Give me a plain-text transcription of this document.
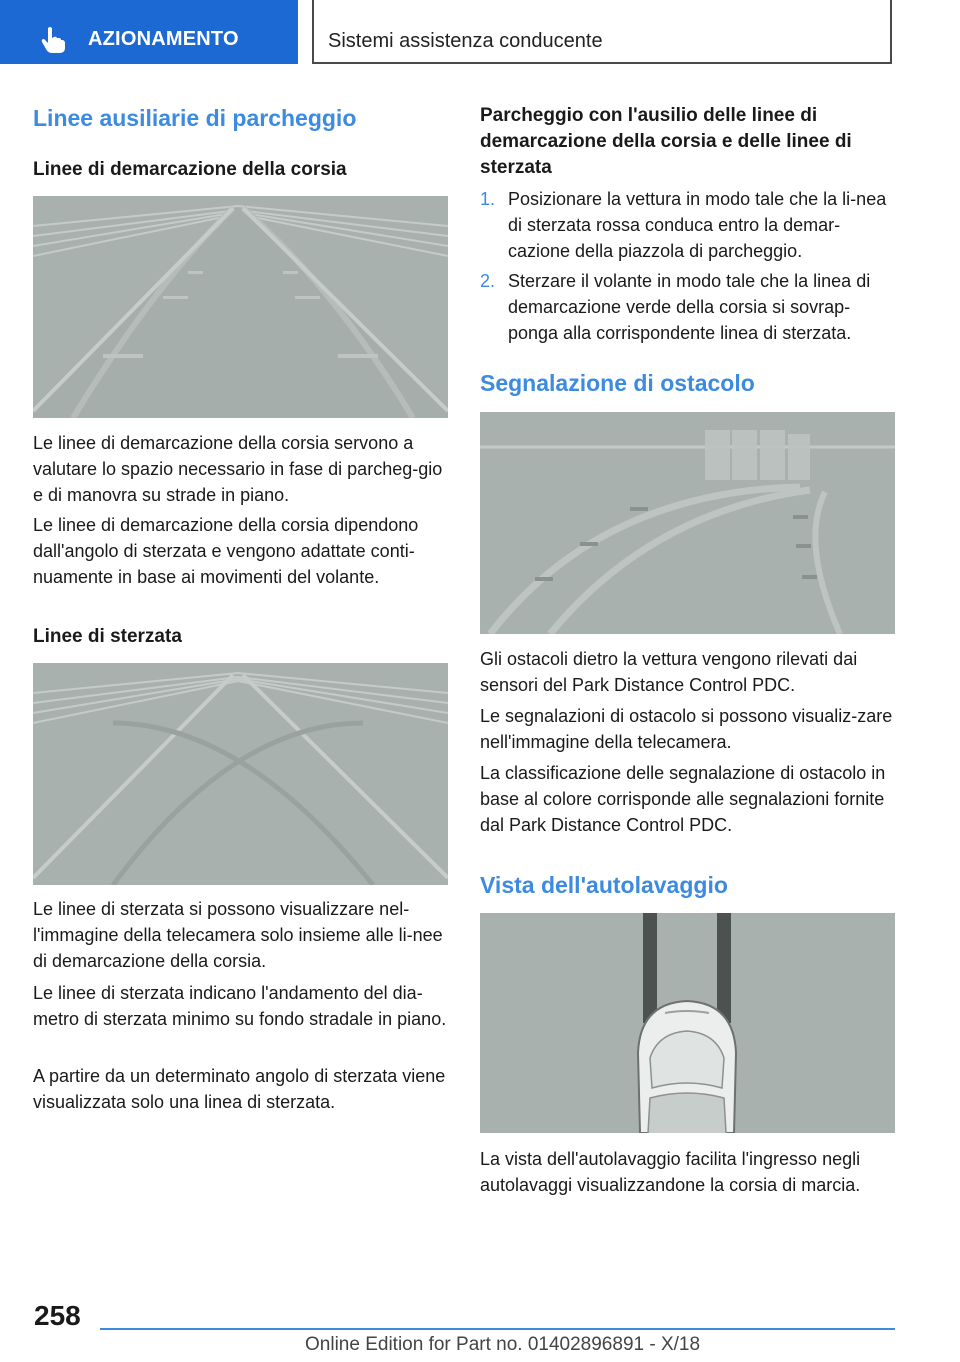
AZIONAMENTO	Sistemi assistenza conducente
Linee ausiliarie di parcheggio
Linee di demarcazione della corsia

Le linee di demarcazione della corsia servono a valutare lo spazio necessario in fase di parcheg-gio e di manovra su strade in piano.

Le linee di demarcazione della corsia dipendono dall'angolo di sterzata e vengono adattate conti-nuamente in base ai movimenti del volante.

Linee di sterzata

Le linee di sterzata si possono visualizzare nel-l'immagine della telecamera solo insieme alle li-nee di demarcazione della corsia.

Le linee di sterzata indicano l'andamento del dia-metro di sterzata minimo su fondo stradale in piano.

A partire da un determinato angolo di sterzata viene visualizzata solo una linea di sterzata.

Parcheggio con l'ausilio delle linee di demarcazione della corsia e delle linee di sterzata
1. Posizionare la vettura in modo tale che la li-nea di sterzata rossa conduca entro la demar-cazione della piazzola di parcheggio.
2. Sterzare il volante in modo tale che la linea di demarcazione verde della corsia si sovrap-ponga alla corrispondente linea di sterzata.
Segnalazione di ostacolo

Gli ostacoli dietro la vettura vengono rilevati dai sensori del Park Distance Control PDC.

Le segnalazioni di ostacolo si possono visualiz-zare nell'immagine della telecamera.

La classificazione delle segnalazione di ostacolo in base al colore corrisponde alle segnalazioni fornite dal Park Distance Control PDC.

Vista dell'autolavaggio

La vista dell'autolavaggio facilita l'ingresso negli autolavaggi visualizzandone la corsia di marcia.

258
Online Edition for Part no. 01402896891 - X/18
